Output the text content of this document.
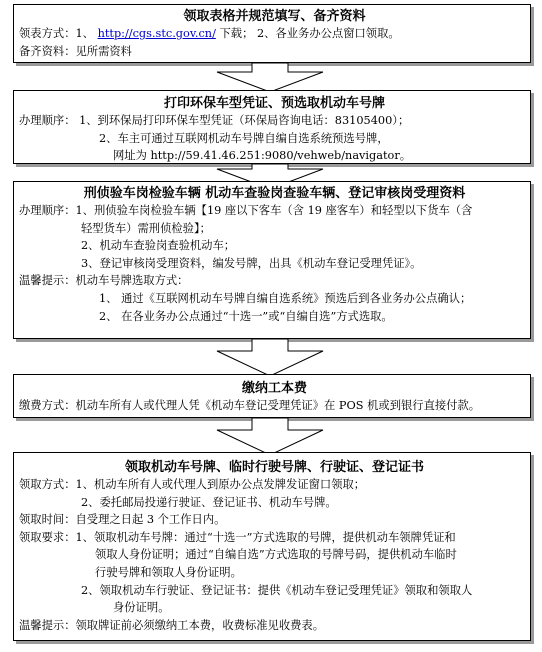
领取表格并规范填写、备齐资料
领表方式：1、 http://cgs.stc.gov.cn/ 下载； 2、各业务办公点窗口领取。
备齐资料：见所需资料
打印环保车型凭证、预选取机动车号牌
办理顺序： 1、到环保局打印环保车型凭证（环保局咨询电话：83105400）；
2、车主可通过互联网机动车号牌自编自选系统预选号牌，
网址为 http://59.41.46.251:9080/vehweb/navigator。
刑侦验车岗检验车辆 机动车查验岗查验车辆、登记审核岗受理资料
办理顺序：1、刑侦验车岗检验车辆【19 座以下客车（含 19 座客车）和轻型以下货车（含
轻型货车）需刑侦检验】；
2、机动车查验岗查验机动车；
3、登记审核岗受理资料，编发号牌，出具《机动车登记受理凭证》。
温馨提示：机动车号牌选取方式：
1、 通过《互联网机动车号牌自编自选系统》预选后到各业务办公点确认；
2、 在各业务办公点通过“十选一”或“自编自选”方式选取。
缴纳工本费
缴费方式：机动车所有人或代理人凭《机动车登记受理凭证》在 POS 机或到银行直接付款。
领取机动车号牌、临时行驶号牌、行驶证、登记证书
领取方式：1、机动车所有人或代理人到原办公点发牌发证窗口领取；
2、委托邮局投递行驶证、登记证书、机动车号牌。
领取时间：自受理之日起 3 个工作日内。
领取要求：1、领取机动车号牌：通过“十选一”方式选取的号牌，提供机动车领牌凭证和
领取人身份证明；通过“自编自选”方式选取的号牌号码，提供机动车临时
行驶号牌和领取人身份证明。
2、领取机动车行驶证、登记证书：提供《机动车登记受理凭证》领取和领取人
身份证明。
温馨提示：领取牌证前必须缴纳工本费，收费标准见收费表。
